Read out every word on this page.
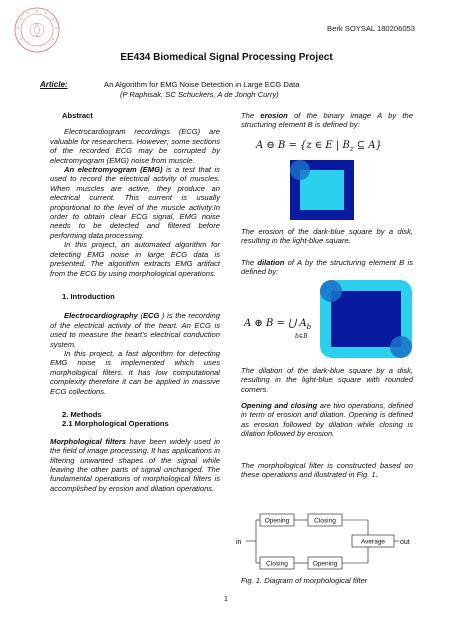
Berk SOYSAL 180206053
EE434 Biomedical Signal Processing Project
Article:	An Algorithm for EMG Noise Detection in Large ECG Data
(P Raphisak, SC Schuckers, A de Jongh Curry)

Abstract

Electrocardiogram recordings (ECG) are valuable for researchers. However; some sections of the recorded ECG may be corrupted by electromyogram (EMG) noise from muscle.

An electromyogram (EMG) is a test that is used to record the electrical activity of muscles. When muscles are active, they produce an electrical current. This current is usually proportional to the level of the muscle activity.In order to obtain clear ECG signal, EMG noise needs to be detected and filtered before performing data processing.

In this project, an automated algorithm for detecting EMG noise in large ECG data is presented. The algorithm extracts EMG artifact from the ECG by using morphological operations.

1. Introduction

Electrocardiography (ECG ) is the recording of the electrical activity of the heart. An ECG is used to measure the heart's electrical conduction system.

In this project, a fast algorithm for detecting EMG noise is implemented which uses morphological filters. It has low computational complexity therefore it can be applied in massive ECG collections.

2. Methods

2.1 Morphological Operations

Morphological filters have been widely used in the field of image processing. It has applications in filtering unwanted shapes of the signal while leaving the other parts of signal unchanged. The fundamental operations of morphological filters is accomplished by erosion and dilation operations.

The erosion of the binary image A by the structuring element B is defined by:

A ⊖ B = {z ∈ E | $B_z$ ⊆ A}
The erosion of the dark-blue square by a disk, resulting in the light-blue square.
The dilation of A by the structuring element B is defined by:
A ⊕ B = ⋃ $A_b$
b∈B
The dilation of the dark-blue square by a disk, resulting in the light-blue square with rounded corners.
Opening and closing are two operations, defined in term of erosion and dilation. Opening is defined as erosion followed by dilation while closing is dilation followed by erosion.
The morphological filter is constructed based on these operations and illustrated in Fig. 1.
in	out
Opening	Closing
Closing	Opening
Average
Fig. 1. Diagram of morphological filter
1
